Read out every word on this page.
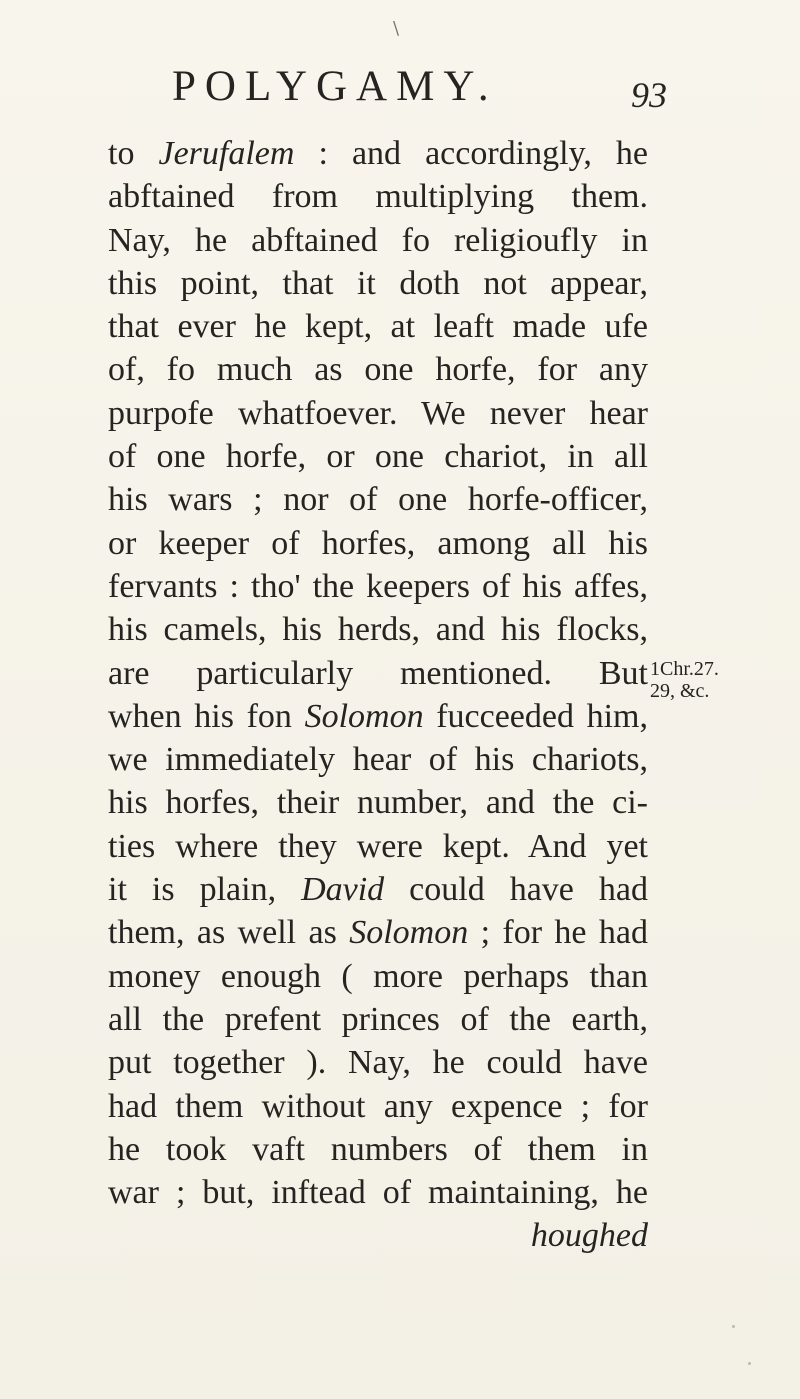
\
POLYGAMY.	93
to Jerufalem : and accordingly, he
abftained from multiplying them.
Nay, he abftained fo religioufly in
this point, that it doth not appear,
that ever he kept, at leaft made ufe
of, fo much as one horfe, for any
purpofe whatfoever. We never hear
of one horfe, or one chariot, in all
his wars ; nor of one horfe-officer,
or keeper of horfes, among all his
fervants : tho' the keepers of his affes,
his camels, his herds, and his flocks,
are particularly mentioned. But
when his fon Solomon fucceeded him,
we immediately hear of his chariots,
his horfes, their number, and the ci-
ties where they were kept. And yet
it is plain, David could have had
them, as well as Solomon ; for he had
money enough ( more perhaps than
all the prefent princes of the earth,
put together ). Nay, he could have
had them without any expence ; for
he took vaft numbers of them in
war ; but, inftead of maintaining, he
houghed
1Chr.27.
29, &c.
